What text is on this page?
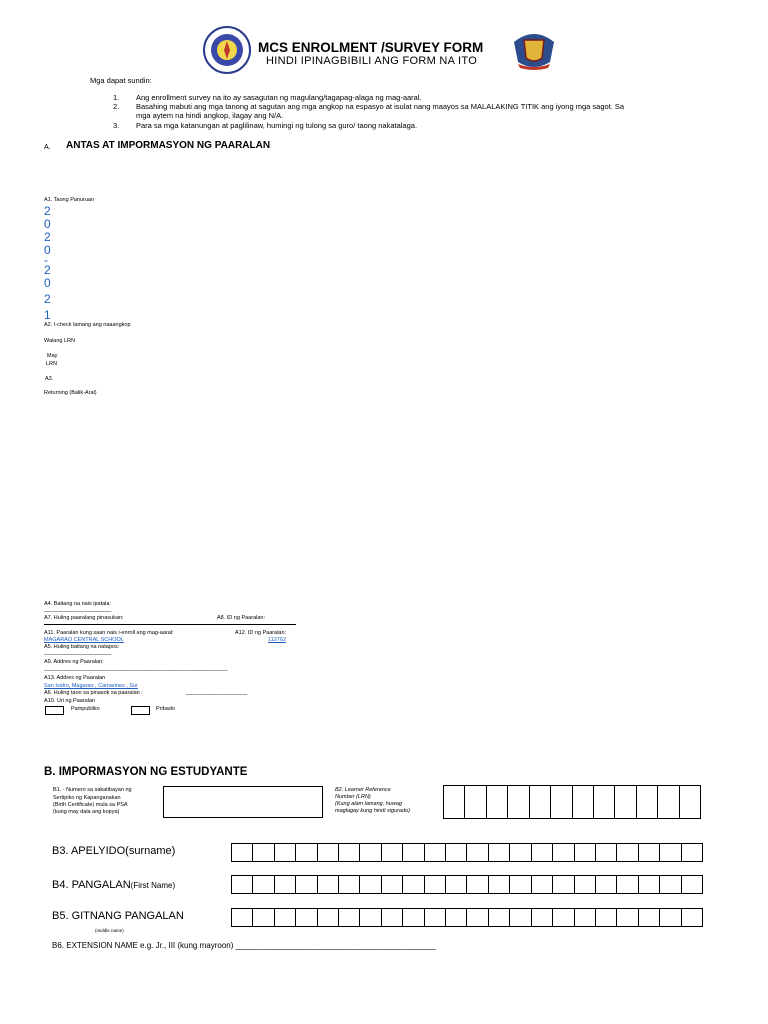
MCS ENROLMENT /SURVEY FORM
HINDI IPINAGBIBILI ANG FORM NA ITO
Mga dapat sundin:
1. Ang enrollment survey na ito ay sasagutan ng magulang/tagapag-alaga ng mag-aaral.
2. Basahing mabuti ang mga tanong at sagutan ang mga angkop na espasyo at isulat nang maayos sa MALALAKING TITIK ang iyong mga sagot. Sa
mga aytem na hindi angkop, ilagay ang N/A.
3. Para sa mga katanungan at paglilinaw, humingi ng tulong sa guro/ taong nakatalaga.
A. ANTAS AT IMPORMASYON NG PAARALAN
A1. Taong Panuruan
2
0
2
0
-
2
0
2
1
A2. I-check lamang ang naaangkop
Walang LRN
May
LRN
A3.
Returning (Balik-Aral)
A4. Baitang na nais ipatala:
______________________
A7. Huling paaralang pinasukan:	A8. ID ng Paaralan:
A11. Paaralan kung saan nais i-enroll ang mag-aaral:	A12. ID ng Paaralan:
MAGARAO CENTRAL SCHOOL	112762
A5. Huling baitang na natapos:
______________________
A9. Addres ng Paaralan:
____________________________________________________________
A13. Addres ng Paaralan
San Isidro, Magarao , Camarines , Sur
A6. Huling taon sa pinasok sa paaralan :	____________________
A10. Uri ng Paaralan
Pampubliko	Pribado
B. IMPORMASYON NG ESTUDYANTE
B1. - Numero sa sakatibayan ng
Sertipiko ng Kapanganakan
(Birth Certificate) mula sa PSA
(kung may dala ang kopya)
B2. Learner Reference
Number (LRN)
(Kung alam lamang, huwag
maglagay kung hindi sigurado)
B3. APELYIDO(surname)
B4. PANGALAN(First Name)
B5. GITNANG PANGALAN
(middle name)
B6. EXTENSION NAME e.g. Jr., III (kung mayroon) _____________________________________________
